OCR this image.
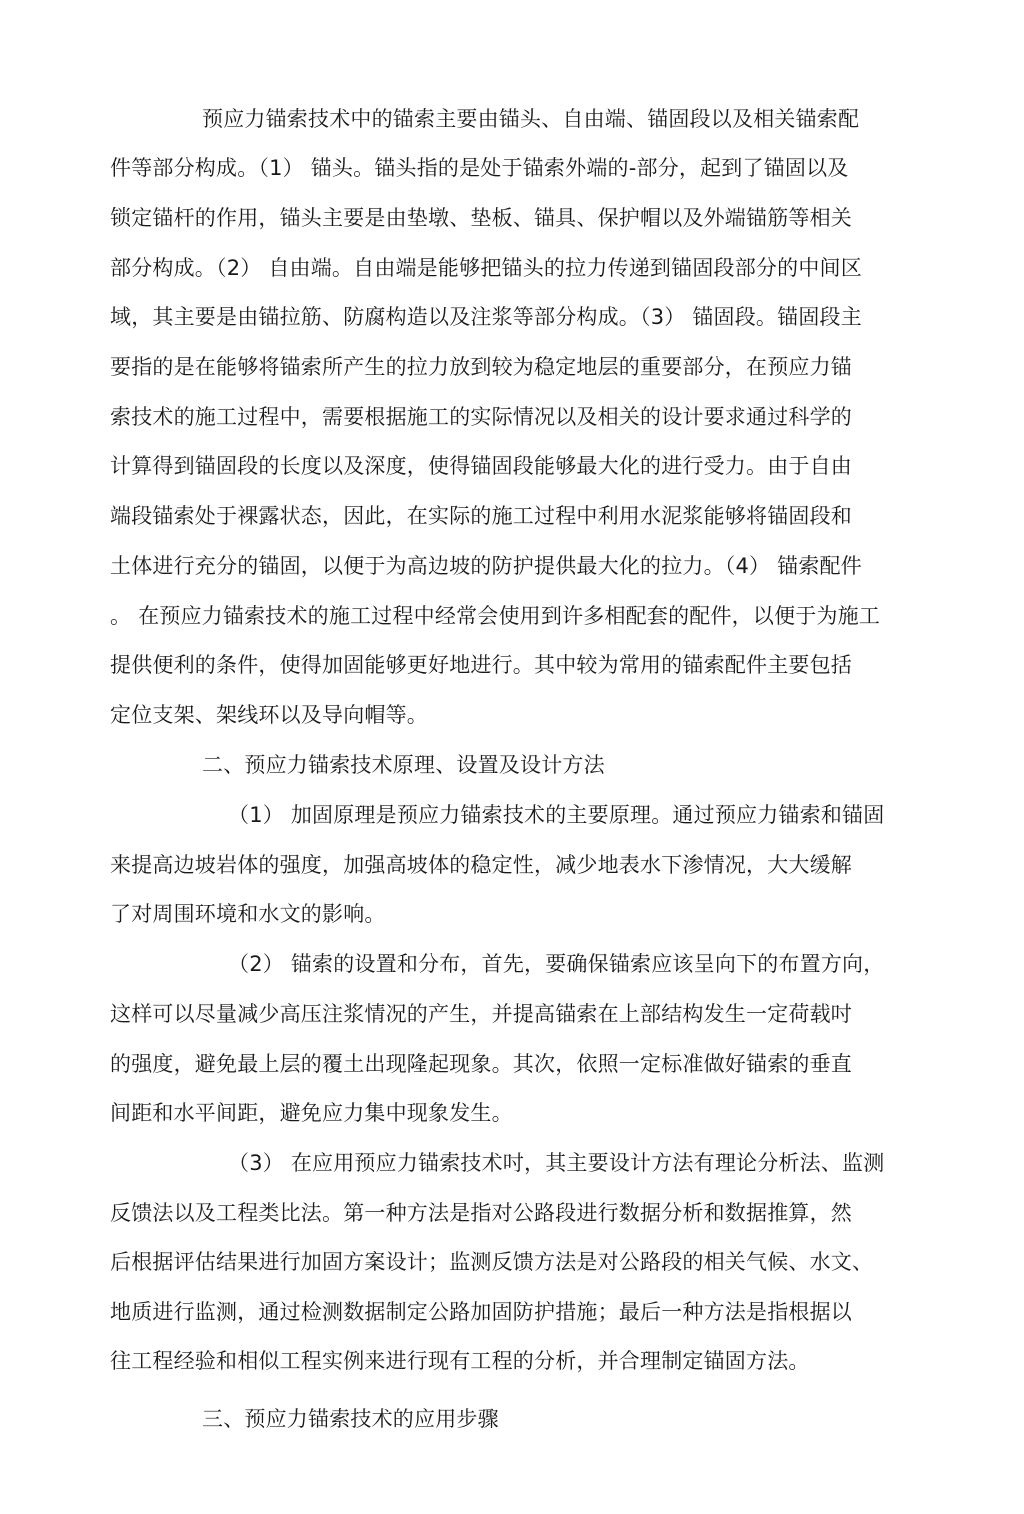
预应力锚索技术中的锚索主要由锚头、自由端、锚固段以及相关锚索配
件等部分构成。（1） 锚头。锚头指的是处于锚索外端的-部分，起到了锚固以及
锁定锚杆的作用，锚头主要是由垫墩、垫板、锚具、保护帽以及外端锚筋等相关
部分构成。（2） 自由端。自由端是能够把锚头的拉力传递到锚固段部分的中间区
域，其主要是由锚拉筋、防腐构造以及注浆等部分构成。（3） 锚固段。锚固段主
要指的是在能够将锚索所产生的拉力放到较为稳定地层的重要部分，在预应力锚
索技术的施工过程中，需要根据施工的实际情况以及相关的设计要求通过科学的
计算得到锚固段的长度以及深度，使得锚固段能够最大化的进行受力。由于自由
端段锚索处于裸露状态，因此，在实际的施工过程中利用水泥浆能够将锚固段和
土体进行充分的锚固，以便于为高边坡的防护提供最大化的拉力。（4） 锚索配件
。 在预应力锚索技术的施工过程中经常会使用到许多相配套的配件，以便于为施工
提供便利的条件，使得加固能够更好地进行。其中较为常用的锚索配件主要包括
定位支架、架线环以及导向帽等。
二、预应力锚索技术原理、设置及设计方法
（1） 加固原理是预应力锚索技术的主要原理。通过预应力锚索和锚固
来提高边坡岩体的强度，加强高坡体的稳定性，减少地表水下渗情况，大大缓解
了对周围环境和水文的影响。
（2） 锚索的设置和分布，首先，要确保锚索应该呈向下的布置方向，
这样可以尽量减少高压注浆情况的产生，并提高锚索在上部结构发生一定荷载吋
的强度，避免最上层的覆土出现隆起现象。其次，依照一定标准做好锚索的垂直
间距和水平间距，避免应力集中现象发生。
（3） 在应用预应力锚索技术吋，其主要设计方法有理论分析法、监测
反馈法以及工程类比法。第一种方法是指对公路段进行数据分析和数据推算，然
后根据评估结果进行加固方案设计；监测反馈方法是对公路段的相关气候、水文、
地质进行监测，通过检测数据制定公路加固防护措施；最后一种方法是指根据以
往工程经验和相似工程实例来进行现有工程的分析，并合理制定锚固方法。
三、预应力锚索技术的应用步骤
